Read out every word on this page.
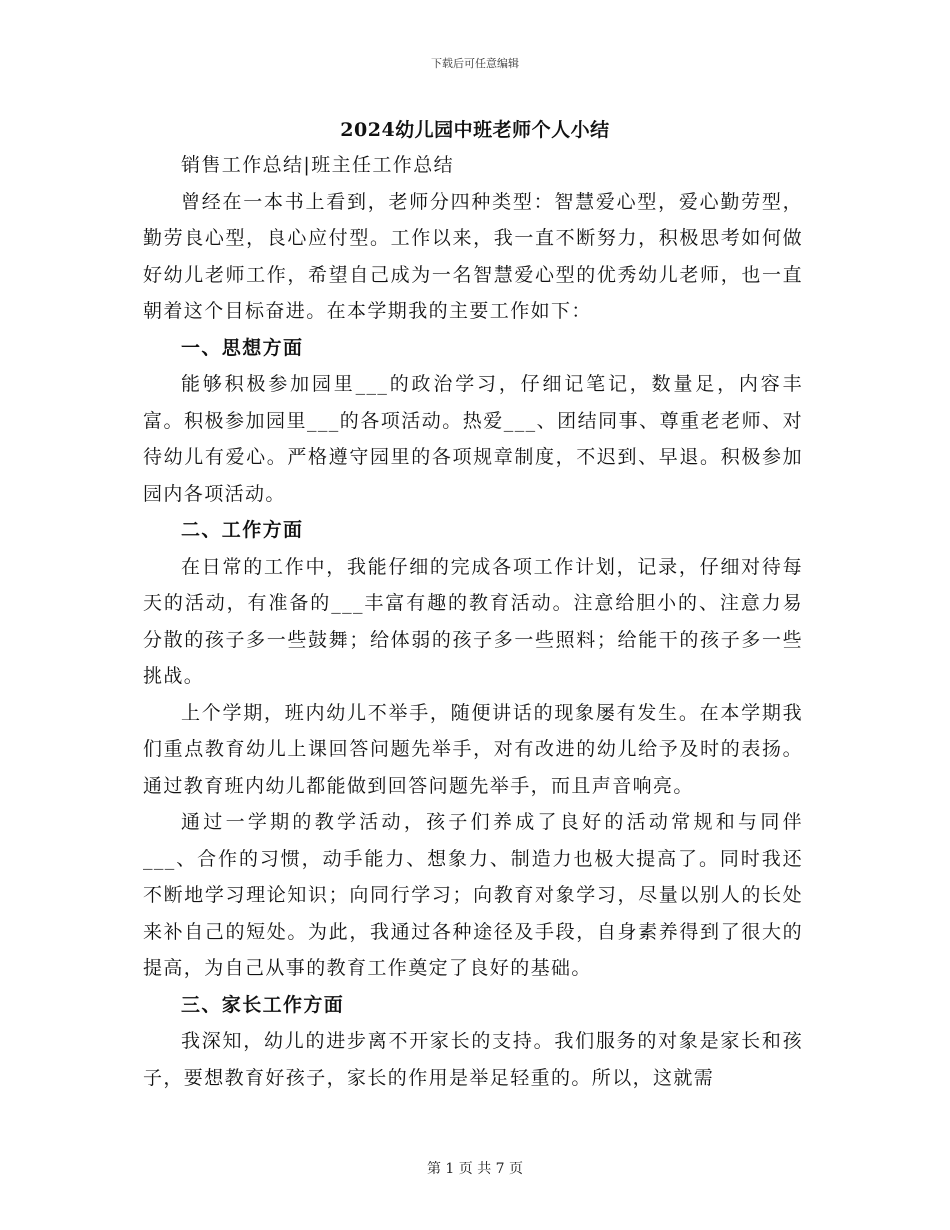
下载后可任意编辑
2024幼儿园中班老师个人小结

销售工作总结|班主任工作总结

曾经在一本书上看到，老师分四种类型：智慧爱心型，爱心勤劳型，勤劳良心型，良心应付型。工作以来，我一直不断努力，积极思考如何做好幼儿老师工作，希望自己成为一名智慧爱心型的优秀幼儿老师，也一直朝着这个目标奋进。在本学期我的主要工作如下：

一、思想方面

能够积极参加园里___的政治学习，仔细记笔记，数量足，内容丰富。积极参加园里___的各项活动。热爱___、团结同事、尊重老老师、对待幼儿有爱心。严格遵守园里的各项规章制度，不迟到、早退。积极参加园内各项活动。

二、工作方面

在日常的工作中，我能仔细的完成各项工作计划，记录，仔细对待每天的活动，有准备的___丰富有趣的教育活动。注意给胆小的、注意力易分散的孩子多一些鼓舞；给体弱的孩子多一些照料；给能干的孩子多一些挑战。

上个学期，班内幼儿不举手，随便讲话的现象屡有发生。在本学期我们重点教育幼儿上课回答问题先举手，对有改进的幼儿给予及时的表扬。通过教育班内幼儿都能做到回答问题先举手，而且声音响亮。

通过一学期的教学活动，孩子们养成了良好的活动常规和与同伴___、合作的习惯，动手能力、想象力、制造力也极大提高了。同时我还不断地学习理论知识；向同行学习；向教育对象学习，尽量以别人的长处来补自己的短处。为此，我通过各种途径及手段，自身素养得到了很大的提高，为自己从事的教育工作奠定了良好的基础。

三、家长工作方面

我深知，幼儿的进步离不开家长的支持。我们服务的对象是家长和孩子，要想教育好孩子，家长的作用是举足轻重的。所以，这就需

第 1 页 共 7 页
